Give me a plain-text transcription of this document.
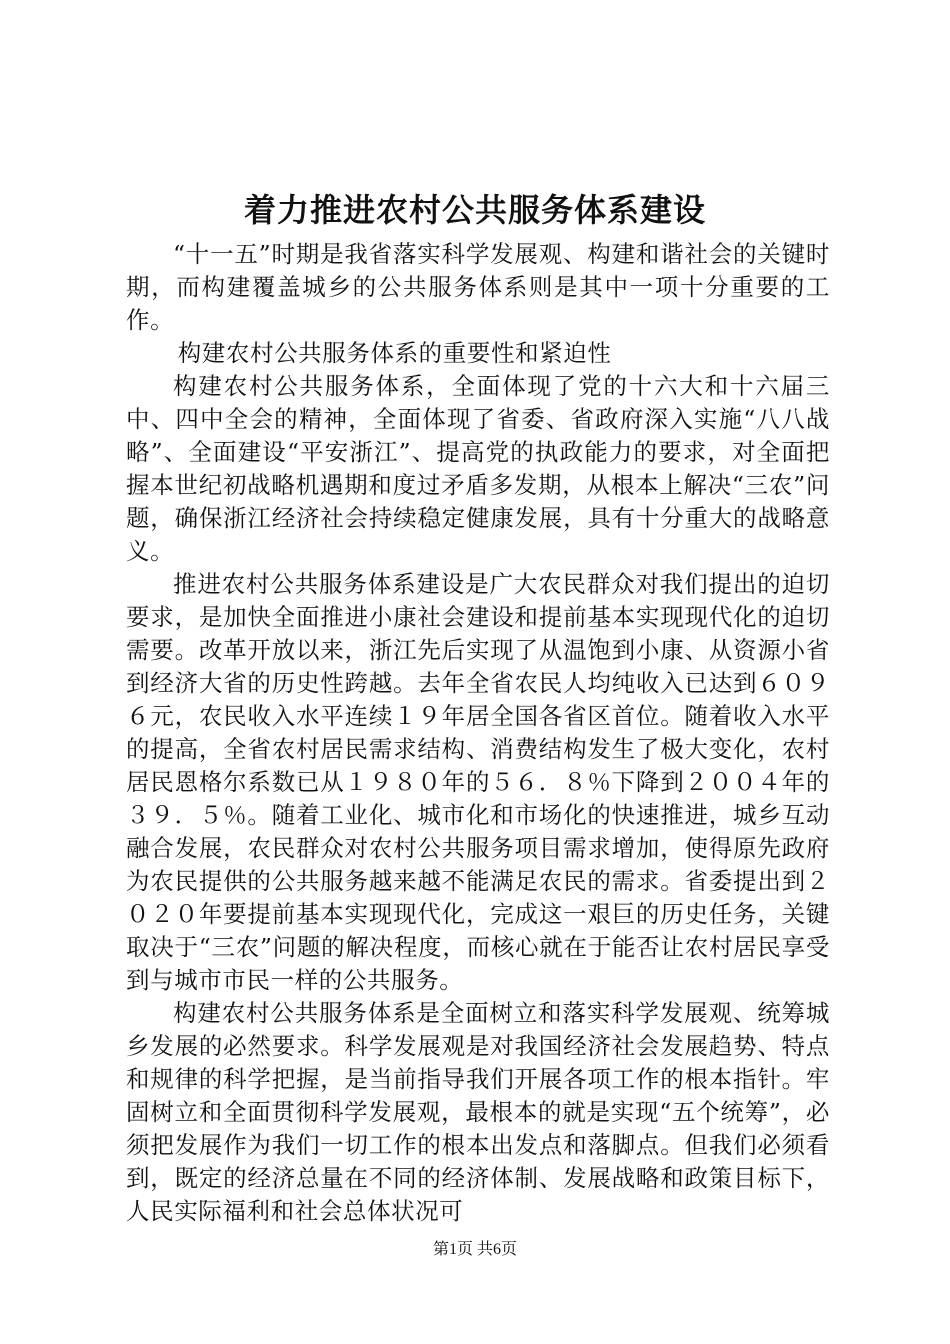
着力推进农村公共服务体系建设

“十一五”时期是我省落实科学发展观、构建和谐社会的关键时期，而构建覆盖城乡的公共服务体系则是其中一项十分重要的工作。

构建农村公共服务体系的重要性和紧迫性

构建农村公共服务体系，全面体现了党的十六大和十六届三中、四中全会的精神，全面体现了省委、省政府深入实施“八八战略”、全面建设“平安浙江”、提高党的执政能力的要求，对全面把握本世纪初战略机遇期和度过矛盾多发期，从根本上解决“三农”问题，确保浙江经济社会持续稳定健康发展，具有十分重大的战略意义。

推进农村公共服务体系建设是广大农民群众对我们提出的迫切要求，是加快全面推进小康社会建设和提前基本实现现代化的迫切需要。改革开放以来，浙江先后实现了从温饱到小康、从资源小省到经济大省的历史性跨越。去年全省农民人均纯收入已达到６０９６元，农民收入水平连续１９年居全国各省区首位。随着收入水平的提高，全省农村居民需求结构、消费结构发生了极大变化，农村居民恩格尔系数已从１９８０年的５６．８％下降到２００４年的３９．５％。随着工业化、城市化和市场化的快速推进，城乡互动融合发展，农民群众对农村公共服务项目需求增加，使得原先政府为农民提供的公共服务越来越不能满足农民的需求。省委提出到２０２０年要提前基本实现现代化，完成这一艰巨的历史任务，关键取决于“三农”问题的解决程度，而核心就在于能否让农村居民享受到与城市市民一样的公共服务。

构建农村公共服务体系是全面树立和落实科学发展观、统筹城乡发展的必然要求。科学发展观是对我国经济社会发展趋势、特点和规律的科学把握，是当前指导我们开展各项工作的根本指针。牢固树立和全面贯彻科学发展观，最根本的就是实现“五个统筹”，必须把发展作为我们一切工作的根本出发点和落脚点。但我们必须看到，既定的经济总量在不同的经济体制、发展战略和政策目标下，人民实际福利和社会总体状况可

第1页 共6页
